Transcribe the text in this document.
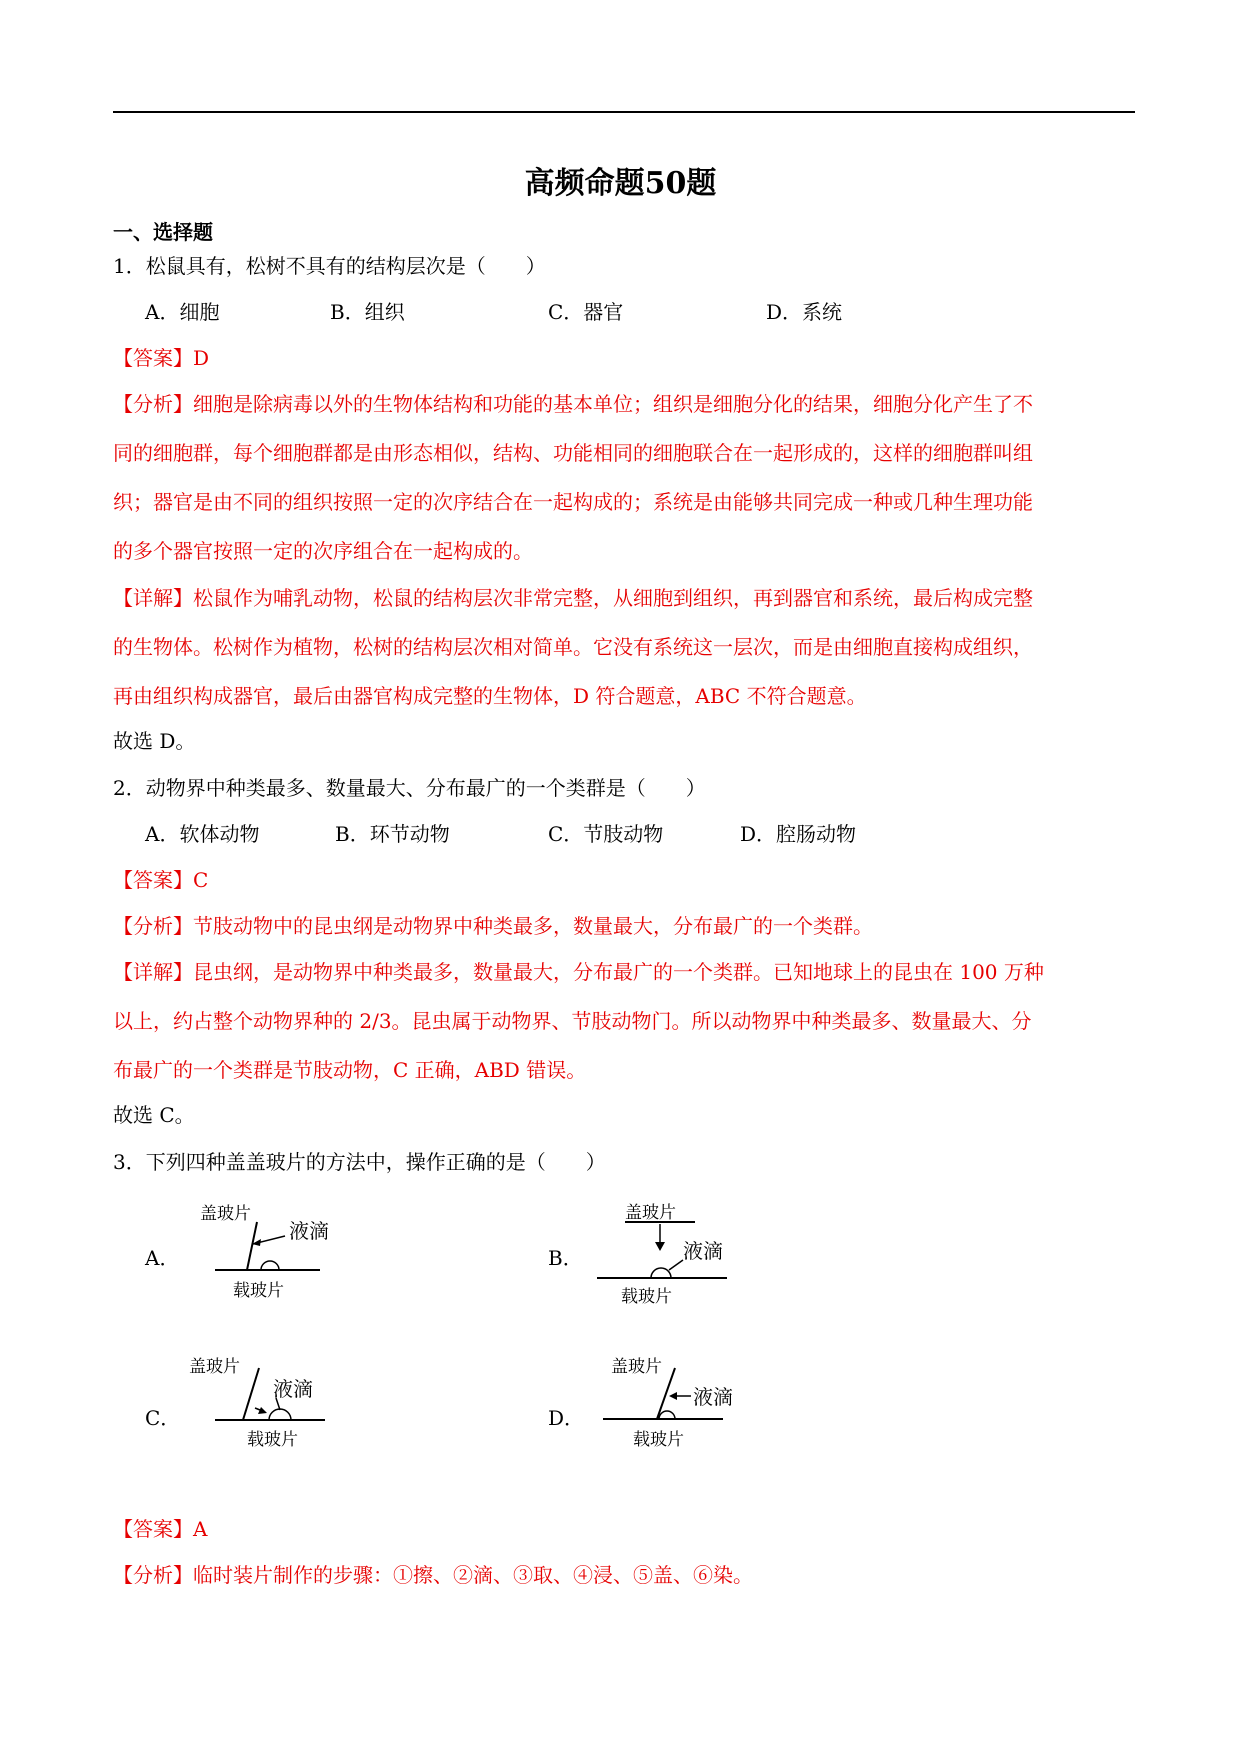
高频命题50题
一、选择题
1．松鼠具有，松树不具有的结构层次是（　　）
A．细胞	B．组织	C．器官	D．系统
【答案】D
【分析】细胞是除病毒以外的生物体结构和功能的基本单位；组织是细胞分化的结果，细胞分化产生了不
同的细胞群，每个细胞群都是由形态相似，结构、功能相同的细胞联合在一起形成的，这样的细胞群叫组
织；器官是由不同的组织按照一定的次序结合在一起构成的；系统是由能够共同完成一种或几种生理功能
的多个器官按照一定的次序组合在一起构成的。
【详解】松鼠作为哺乳动物，松鼠的结构层次非常完整，从细胞到组织，再到器官和系统，最后构成完整
的生物体。松树作为植物，松树的结构层次相对简单。它没有系统这一层次，而是由细胞直接构成组织，
再由组织构成器官，最后由器官构成完整的生物体，D 符合题意，ABC 不符合题意。
故选 D。
2．动物界中种类最多、数量最大、分布最广的一个类群是（　　）
A．软体动物	B．环节动物	C．节肢动物	D．腔肠动物
【答案】C
【分析】节肢动物中的昆虫纲是动物界中种类最多，数量最大，分布最广的一个类群。
【详解】昆虫纲，是动物界中种类最多，数量最大，分布最广的一个类群。已知地球上的昆虫在 100 万种
以上，约占整个动物界种的 2/3。昆虫属于动物界、节肢动物门。所以动物界中种类最多、数量最大、分
布最广的一个类群是节肢动物，C 正确，ABD 错误。
故选 C。
3．下列四种盖盖玻片的方法中，操作正确的是（　　）
A．	B．
C．	D．
盖玻片
液滴
载玻片
盖玻片
液滴
载玻片
盖玻片
液滴
载玻片
盖玻片
液滴
载玻片
【答案】A
【分析】临时装片制作的步骤：①擦、②滴、③取、④浸、⑤盖、⑥染。
